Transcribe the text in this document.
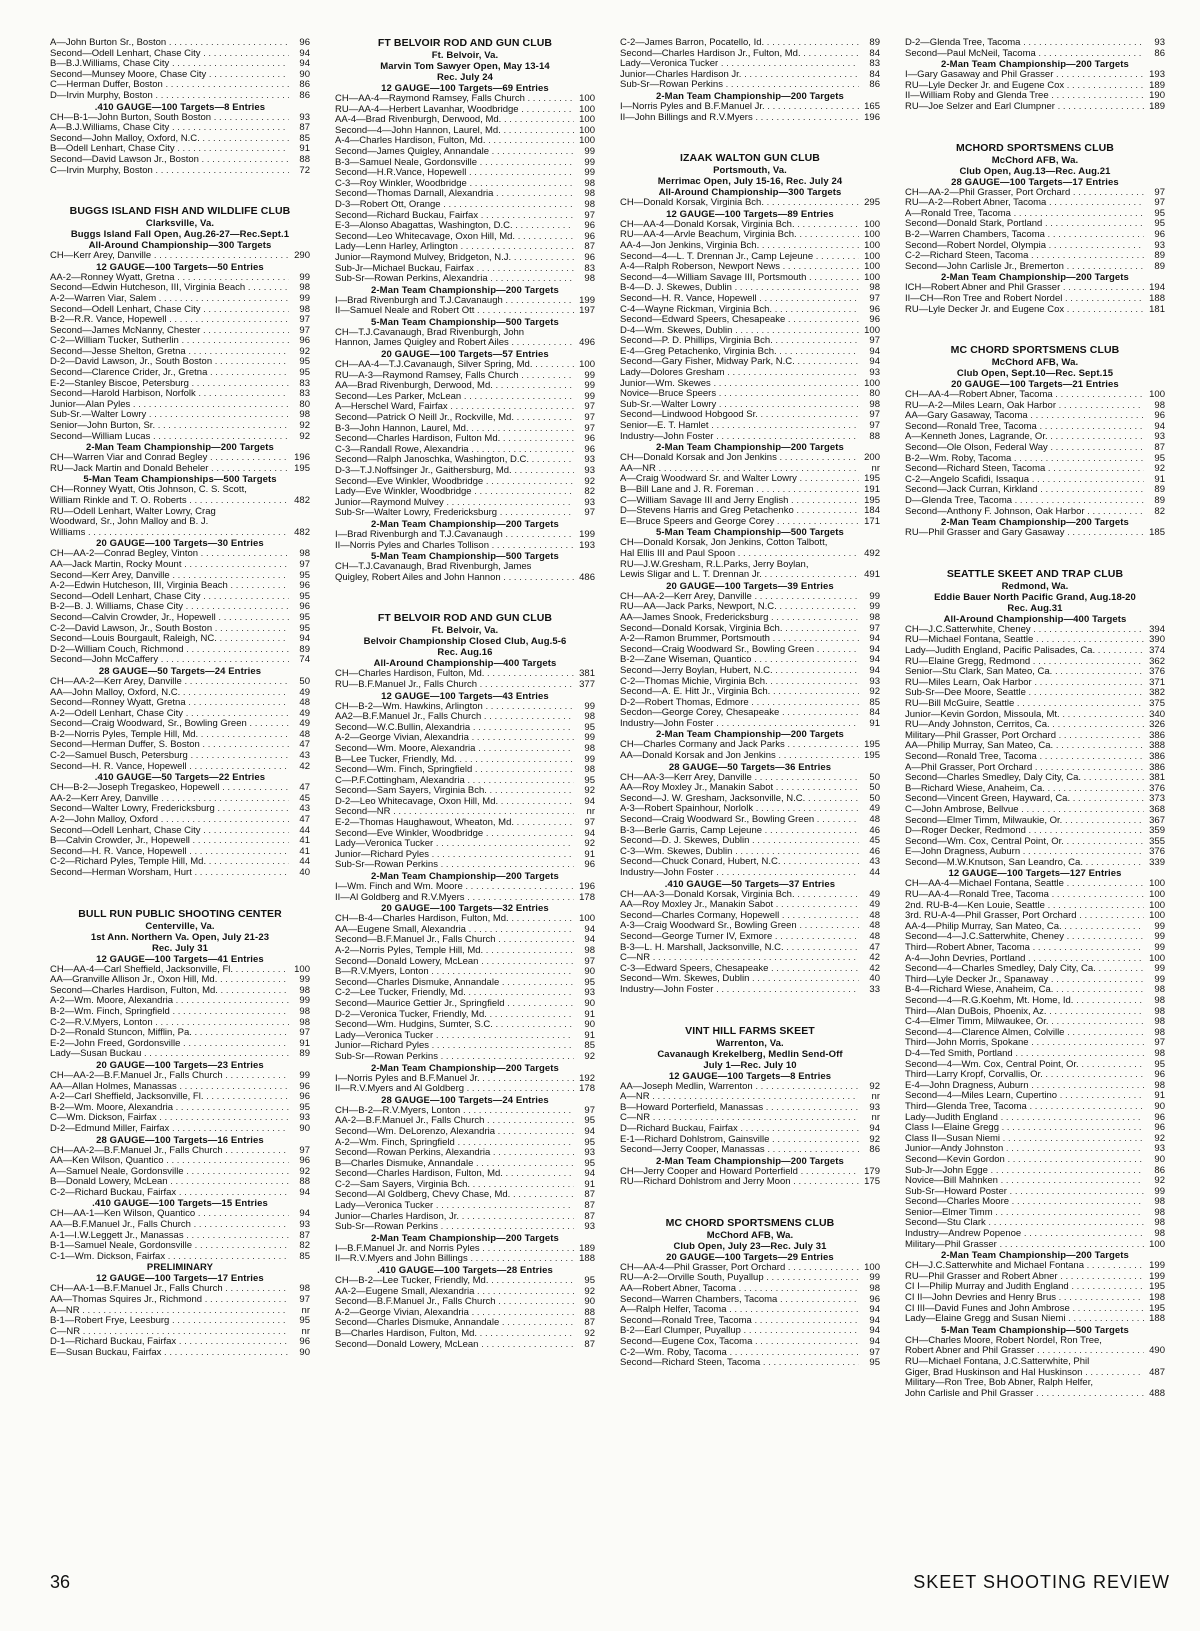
A—John Burton Sr., Boston . . .	96
Second—Odell Lenhart, Chase City . . .	94
B—B.J.Williams, Chase City . . .	94
Second—Munsey Moore, Chase City . . .	90
C—Herman Duffer, Boston . . .	86
D—Irvin Murphy, Boston . . .	86
.410 GAUGE—100 Targets—8 Entries
CH—B-1—John Burton, South Boston . . .	93
A—B.J.Williams, Chase City . . .	87
Second—John Malloy, Oxford, N.C. . . .	85
B—Odell Lenhart, Chase City . . .	91
Second—David Lawson Jr., Boston . . .	88
C—Irvin Murphy, Boston . . .	72
BUGGS ISLAND FISH AND WILDLIFE CLUB
Clarksville, Va.
Buggs Island Fall Open, Aug.26-27—Rec.Sept.1
All-Around Championship—300 Targets
CH—Kerr Arey, Danville . . .	290
12 GAUGE—100 Targets—50 Entries
AA-2—Ronney Wyatt, Gretna . . .	99
Second—Edwin Hutcheson, III, Virginia Beach . . .	98
A-2—Warren Viar, Salem . . .	99
Second—Odell Lenhart, Chase City . . .	98
B-2—R.R. Vance, Hopewell . . .	97
Second—James McNanny, Chester . . .	97
C-2—William Tucker, Sutherlin . . .	96
Second—Jesse Shelton, Gretna . . .	92
D-2—David Lawson, Jr., South Boston . . .	95
Second—Clarence Crider, Jr., Gretna . . .	95
E-2—Stanley Biscoe, Petersburg . . .	83
Second—Harold Harbison, Norfolk . . .	83
Junior—Alan Pyles . . .	80
Sub-Sr.—Walter Lowry . . .	98
Senior—John Burton, Sr. . . .	92
Second—William Lucas . . .	92
2-Man Team Championship—200 Targets
CH—Warren Viar and Conrad Begley . . .	196
RU—Jack Martin and Donald Beheler . . .	195
5-Man Team Championships—500 Targets
CH—Ronney Wyatt, Otis Johnson, C. S. Scott,
William Rinkle and T. O. Roberts . . .	482
RU—Odell Lenhart, Walter Lowry, Crag
Woodward, Sr., John Malloy and B. J.
Williams . . .	482
20 GAUGE—100 Targets—30 Entries
CH—AA-2—Conrad Begley, Vinton . . .	98
AA—Jack Martin, Rocky Mount . . .	97
Second—Kerr Arey, Danville . . .	95
A-2—Edwin Hutcheson, III, Virginia Beach . . .	96
Second—Odell Lenhart, Chase City . . .	95
B-2—B. J. Williams, Chase City . . .	96
Second—Calvin Crowder, Jr., Hopewell . . .	95
C-2—David Lawson, Jr., South Boston . . .	95
Second—Louis Bourgault, Raleigh, NC. . . .	94
D-2—William Couch, Richmond . . .	89
Second—John McCaffery . . .	74
28 GAUGE—50 Targets—24 Entries
CH—AA-2—Kerr Arey, Danville . . .	50
AA—John Malloy, Oxford, N.C. . . .	49
Second—Ronney Wyatt, Gretna . . .	48
A-2—Odell Lenhart, Chase City . . .	49
Second—Craig Woodward, Sr., Bowling Green . . .	49
B-2—Norris Pyles, Temple Hill, Md. . . .	48
Second—Herman Duffer, S. Boston . . .	47
C-2—Samuel Busch, Petersburg . . .	43
Second—H. R. Vance, Hopewell . . .	42
.410 GAUGE—50 Targets—22 Entries
CH—B-2—Joseph Tregaskeo, Hopewell . . .	47
AA-2—Kerr Arey, Danville . . .	45
Second—Walter Lowry, Fredericksburg . . .	43
A-2—John Malloy, Oxford . . .	47
Second—Odell Lenhart, Chase City . . .	44
B—Calvin Crowder, Jr., Hopewell . . .	41
Second—H. R. Vance, Hopewell . . .	41
C-2—Richard Pyles, Temple Hill, Md. . . .	44
Second—Herman Worsham, Hurt . . .	40
BULL RUN PUBLIC SHOOTING CENTER
Centerville, Va.
1st Ann. Northern Va. Open, July 21-23
Rec. July 31
12 GAUGE—100 Targets—41 Entries
CH—AA-4—Carl Sheffield, Jacksonville, Fl. . . .	100
AA—Granville Allison Jr., Oxon Hill, Md. . . .	99
Second—Charles Hardison, Fulton, Md. . . .	98
A-2—Wm. Moore, Alexandria . . .	99
B-2—Wm. Finch, Springfield . . .	98
C-2—R.V.Myers, Lonton . . .	98
D-2—Ronald Stuncon, Mifflin, Pa. . . .	97
E-2—John Freed, Gordonsville . . .	91
Lady—Susan Buckau . . .	89
20 GAUGE—100 Targets—23 Entries
CH—AA-2—B.F.Manuel Jr., Falls Church . . .	99
AA—Allan Holmes, Manassas . . .	96
A-2—Carl Sheffield, Jacksonville, Fl. . . .	96
B-2—Wm. Moore, Alexandria . . .	95
C—Wm. Dickson, Fairfax . . .	93
D-2—Edmund Miller, Fairfax . . .	90
28 GAUGE—100 Targets—16 Entries
CH—AA-2—B.F.Manuel Jr., Falls Church . . .	97
AA—Ken Wilson, Quantico . . .	96
A—Samuel Neale, Gordonsville . . .	92
B—Donald Lowery, McLean . . .	88
C-2—Richard Buckau, Fairfax . . .	94
.410 GAUGE—100 Targets—15 Entries
CH—AA-1—Ken Wilson, Quantico . . .	94
AA—B.F.Manuel Jr., Falls Church . . .	93
A-1—I.W.Leggett Jr., Manassas . . .	87
B-1—Samuel Neale, Gordonsville . . .	82
C-1—Wm. Dickson, Fairfax . . .	85
PRELIMINARY
12 GAUGE—100 Targets—17 Entries
CH—AA-1—B.F.Manuel Jr., Falls Church . . .	98
AA—Thomas Squires Jr., Richmond . . .	97
A—NR . . .	nr
B-1—Robert Frye, Leesburg . . .	95
C—NR . . .	nr
D-1—Richard Buckau, Fairfax . . .	96
E—Susan Buckau, Fairfax . . .	90
FT BELVOIR ROD AND GUN CLUB
Ft. Belvoir, Va.
Marvin Tom Sawyer Open, May 13-14
Rec. July 24
12 GAUGE—100 Targets—69 Entries
CH—AA-4—Raymond Ramsey, Falls Church . . .	100
RU—AA-4—Herbert Lavanhar, Woodbridge . . .	100
AA-4—Brad Rivenburgh, Derwood, Md. . . .	100
Second—4—John Hannon, Laurel, Md. . . .	100
A-4—Charles Hardison, Fulton, Md. . . .	100
Second—James Quigley, Annandale . . .	99
B-3—Samuel Neale, Gordonsville . . .	99
Second—H.R.Vance, Hopewell . . .	99
C-3—Roy Winkler, Woodbridge . . .	98
Second—Thomas Darnall, Alexandria . . .	98
D-3—Robert Ott, Orange . . .	98
Second—Richard Buckau, Fairfax . . .	97
E-3—Alonso Abagattas, Washington, D.C. . . .	96
Second—Leo Whitecavage, Oxon Hill, Md. . . .	96
Lady—Lenn Harley, Arlington . . .	87
Junior—Raymond Mulvey, Bridgeton, N.J. . . .	96
Sub-Jr—Michael Buckau, Fairfax . . .	83
Sub-Sr—Rowan Perkins, Alexandria . . .	98
2-Man Team Championship—200 Targets
I—Brad Rivenburgh and T.J.Cavanaugh . . .	199
II—Samuel Neale and Robert Ott . . .	197
5-Man Team Championship—500 Targets
CH—T.J.Cavanaugh, Brad Rivenburgh, John
Hannon, James Quigley and Robert Ailes . . .	496
20 GAUGE—100 Targets—57 Entries
CH—AA-4—T.J.Cavanaugh, Silver Spring, Md. . . .	100
RU—A-3—Raymond Ramsey, Falls Church . . .	99
AA—Brad Rivenburgh, Derwood, Md. . . .	99
Second—Les Parker, McLean . . .	99
A—Herschel Ward, Fairfax . . .	97
Second—Patrick O Neill Jr., Rockville, Md. . . .	97
B-3—John Hannon, Laurel, Md. . . .	97
Second—Charles Hardison, Fulton Md. . . .	96
C-3—Randall Rowe, Alexandria . . .	96
Second—Ralph Janoschka, Washington, D.C. . . .	93
D-3—T.J.Noffsinger Jr., Gaithersburg, Md. . . .	93
Second—Eve Winkler, Woodbridge . . .	92
Lady—Eve Winkler, Woodbridge . . .	82
Junior—Raymond Mulvey . . .	93
Sub-Sr—Walter Lowry, Fredericksburg . . .	97
2-Man Team Championship—200 Targets
I—Brad Rivenburgh and T.J.Cavanaugh . . .	199
II—Norris Pyles and Charles Tollison . . .	193
5-Man Team Championship—500 Targets
CH—T.J.Cavanaugh, Brad Rivenburgh, James
Quigley, Robert Ailes and John Hannon . . .	486
FT BELVOIR ROD AND GUN CLUB
Ft. Belvoir, Va.
Belvoir Championship Closed Club, Aug.5-6
Rec. Aug.16
All-Around Championship—400 Targets
CH—Charles Hardison, Fulton, Md. . . .	381
RU—B.F.Manuel Jr., Falls Church . . .	377
12 GAUGE—100 Targets—43 Entries
CH—B-2—Wm. Hawkins, Arlington . . .	99
AA2—B.F.Manuel Jr., Falls Church . . .	98
Second—W.C.Bullin, Alexandria . . .	95
A-2—George Vivian, Alexandria . . .	99
Second—Wm. Moore, Alexandria . . .	98
B—Lee Tucker, Friendly, Md. . . .	99
Second—Wm. Finch, Springfield . . .	98
C—P.F.Cottingham, Alexandria . . .	95
Second—Sam Sayers, Virginia Bch. . . .	92
D-2—Leo Whitecavage, Oxon Hill, Md. . . .	94
Second—NR . . .	nr
E-2—Thomas Haughawout, Wheaton, Md. . . .	97
Second—Eve Winkler, Woodbridge . . .	94
Lady—Veronica Tucker . . .	92
Junior—Richard Pyles . . .	91
Sub-Sr—Rowan Perkins . . .	96
2-Man Team Championship—200 Targets
I—Wm. Finch and Wm. Moore . . .	196
II—Al Goldberg and R.V.Myers . . .	178
20 GAUGE—100 Targets—32 Entries
CH—B-4—Charles Hardison, Fulton, Md. . . .	100
AA—Eugene Small, Alexandria . . .	94
Second—B.F.Manuel Jr., Falls Church . . .	94
A-2—Norris Pyles, Temple Hill, Md. . . .	98
Second—Donald Lowery, McLean . . .	97
B—R.V.Myers, Lonton . . .	90
Second—Charles Dismuke, Annandale . . .	95
C-2—Lee Tucker, Friendly, Md. . . .	93
Second—Maurice Gettier Jr., Springfield . . .	90
D-2—Veronica Tucker, Friendly, Md. . . .	91
Second—Wm. Hudgins, Sumter, S.C. . . .	90
Lady—Veronica Tucker . . .	91
Junior—Richard Pyles . . .	85
Sub-Sr—Rowan Perkins . . .	92
2-Man Team Championship—200 Targets
I—Norris Pyles and B.F.Manuel Jr. . . .	192
II—R.V.Myers and Al Goldberg . . .	178
28 GAUGE—100 Targets—24 Entries
CH—B-2—R.V.Myers, Lonton . . .	97
AA-2—B.F.Manuel Jr., Falls Church . . .	95
Second—Wm. DeLorenzo, Alexandria . . .	94
A-2—Wm. Finch, Springfield . . .	95
Second—Rowan Perkins, Alexandria . . .	93
B—Charles Dismuke, Annandale . . .	95
Second—Charles Hardison, Fulton, Md. . . .	94
C-2—Sam Sayers, Virginia Bch. . . .	91
Second—Al Goldberg, Chevy Chase, Md. . . .	87
Lady—Veronica Tucker . . .	87
Junior—Charles Hardison, Jr. . . .	87
Sub-Sr—Rowan Perkins . . .	93
2-Man Team Championship—200 Targets
I—B.F.Manuel Jr. and Norris Pyles . . .	189
II—R.V.Myers and John Billings . . .	188
.410 GAUGE—100 Targets—28 Entries
CH—B-2—Lee Tucker, Friendly, Md. . . .	95
AA-2—Eugene Small, Alexandria . . .	92
Second—B.F.Manuel Jr., Falls Church . . .	90
A-2—George Vivian, Alexandria . . .	88
Second—Charles Dismuke, Annandale . . .	87
B—Charles Hardison, Fulton, Md. . . .	92
Second—Donald Lowery, McLean . . .	87
C-2—James Barron, Pocatello, Id. . . .	89
Second—Charles Hardison Jr., Fulton, Md. . . .	84
Lady—Veronica Tucker . . .	83
Junior—Charles Hardison Jr. . . .	84
Sub-Sr—Rowan Perkins . . .	86
2-Man Team Championship—200 Targets
I—Norris Pyles and B.F.Manuel Jr. . . .	165
II—John Billings and R.V.Myers . . .	196
IZAAK WALTON GUN CLUB
Portsmouth, Va.
Merrimac Open, July 15-16, Rec. July 24
All-Around Championship—300 Targets
CH—Donald Korsak, Virginia Bch. . . .	295
12 GAUGE—100 Targets—89 Entries
CH—AA-4—Donald Korsak, Virginia Bch. . . .	100
RU—AA-4—Arvle Beachum, Virginia Bch. . . .	100
AA-4—Jon Jenkins, Virginia Bch. . . .	100
Second—4—L. T. Drennan Jr., Camp Lejeune . . .	100
A-4—Ralph Roberson, Newport News . . .	100
Second—4—William Savage III, Portsmouth . . .	100
B-4—D. J. Skewes, Dublin . . .	98
Second—H. R. Vance, Hopewell . . .	97
C-4—Wayne Rickman, Virginia Bch. . . .	96
Second—Edward Speers, Chesapeake . . .	96
D-4—Wm. Skewes, Dublin . . .	100
Second—P. D. Phillips, Virginia Bch. . . .	97
E-4—Greg Petachenko, Virginia Bch. . . .	94
Second—Gary Fisher, Midway Park, N.C. . . .	94
Lady—Dolores Gresham . . .	93
Junior—Wm. Skewes . . .	100
Novice—Bruce Speers . . .	80
Sub-Sr.—Walter Lowry . . .	98
Second—Lindwood Hobgood Sr. . . .	97
Senior—E. T. Hamlet . . .	97
Industry—John Foster . . .	88
2-Man Team Championship—200 Targets
CH—Donald Korsak and Jon Jenkins . . .	200
AA—NR . . .	nr
A—Craig Woodward Sr. and Walter Lowry . . .	195
B—Bill Lane and J. R. Foreman . . .	191
C—William Savage III and Jerry English . . .	195
D—Stevens Harris and Greg Petachenko . . .	184
E—Bruce Speers and George Corey . . .	171
5-Man Team Championship—500 Targets
CH—Donald Korsak, Jon Jenkins, Cotton Talbott,
Hal Ellis III and Paul Spoon . . .	492
RU—J.W.Gresham, R.L.Parks, Jerry Boylan,
Lewis Sligar and L. T. Drennan Jr. . . .	491
20 GAUGE—100 Targets—39 Entries
CH—AA-2—Kerr Arey, Danville . . .	99
RU—AA—Jack Parks, Newport, N.C. . . .	99
AA—James Snook, Fredericksburg . . .	98
Second—Donald Korsak, Virginia Bch. . . .	97
A-2—Ramon Brummer, Portsmouth . . .	94
Second—Craig Woodward Sr., Bowling Green . . .	94
B-2—Zane Wiseman, Quantico . . .	94
Second—Jerry Boylan, Hubert, N.C. . . .	94
C-2—Thomas Michie, Virginia Bch. . . .	93
Second—A. E. Hitt Jr., Virginia Bch. . . .	92
D-2—Robert Thomas, Edmore . . .	85
Secdon—George Corey, Chesapeake . . .	84
Industry—John Foster . . .	91
2-Man Team Championship—200 Targets
CH—Charles Cormany and Jack Parks . . .	195
AA—Donald Korsak and Jon Jenkins . . .	195
28 GAUGE—50 Targets—36 Entries
CH—AA-3—Kerr Arey, Danville . . .	50
AA—Roy Moxley Jr., Manakin Sabot . . .	50
Second—J. W. Gresham, Jacksonville, N.C. . . .	50
A-3—Robert Spainhour, Norlolk . . .	49
Second—Craig Woodward Sr., Bowling Green . . .	48
B-3—Berle Garris, Camp Lejeune . . .	46
Second—D. J. Skewes, Dublin . . .	45
C-3—Wm. Skewes, Dublin . . .	46
Second—Chuck Conard, Hubert, N.C. . . .	43
Industry—John Foster . . .	44
.410 GAUGE—50 Targets—37 Entries
CH—AA-3—Donald Korsak, Virginia Bch. . . .	49
AA—Roy Moxley Jr., Manakin Sabot . . .	49
Second—Charles Cormany, Hopewell . . .	48
A-3—Craig Woodward Sr., Bowling Green . . .	48
Second—George Turner IV, Exmore . . .	48
B-3—L. H. Marshall, Jacksonville, N.C. . . .	47
C—NR . . .	42
C-3—Edward Speers, Chesapeake . . .	42
Second—Wm. Skewes, Dublin . . .	40
Industry—John Foster . . .	33
VINT HILL FARMS SKEET
Warrenton, Va.
Cavanaugh Krekelberg, Medlin Send-Off
July 1—Rec. July 10
12 GAUGE—100 Targets—8 Entries
AA—Joseph Medlin, Warrenton . . .	92
A—NR . . .	nr
B—Howard Porterfield, Manassas . . .	93
C—NR . . .	nr
D—Richard Buckau, Fairfax . . .	94
E-1—Richard Dohlstrom, Gainsville . . .	92
Second—Jerry Cooper, Manassas . . .	86
2-Man Team Championship—200 Targets
CH—Jerry Cooper and Howard Porterfield . . .	179
RU—Richard Dohlstrom and Jerry Moon . . .	175
MC CHORD SPORTSMENS CLUB
McChord AFB, Wa.
Club Open, July 23—Rec. July 31
20 GAUGE—100 Targets—29 Entries
CH—AA-4—Phil Grasser, Port Orchard . . .	100
RU—A-2—Orville South, Puyallup . . .	99
AA—Robert Abner, Tacoma . . .	98
Second—Warren Chambers, Tacoma . . .	96
A—Ralph Helfer, Tacoma . . .	94
Second—Ronald Tree, Tacoma . . .	94
B-2—Earl Clumper, Puyallup . . .	94
Second—Eugene Cox, Tacoma . . .	94
C-2—Wm. Roby, Tacoma . . .	97
Second—Richard Steen, Tacoma . . .	95
D-2—Glenda Tree, Tacoma . . .	93
Second—Paul McNeil, Tacoma . . .	86
2-Man Team Championship—200 Targets
I—Gary Gasaway and Phil Grasser . . .	193
RU—Lyle Decker Jr. and Eugene Cox . . .	189
II—William Roby and Glenda Tree . . .	190
RU—Joe Selzer and Earl Clumpner . . .	189
MCHORD SPORTSMENS CLUB
McChord AFB, Wa.
Club Open, Aug.13—Rec. Aug.21
28 GAUGE—100 Targets—17 Entries
CH—AA-2—Phil Grasser, Port Orchard . . .	97
RU—A-2—Robert Abner, Tacoma . . .	97
A—Ronald Tree, Tacoma . . .	95
Second—Donald Stark, Portland . . .	95
B-2—Warren Chambers, Tacoma . . .	96
Second—Robert Nordel, Olympia . . .	93
C-2—Richard Steen, Tacoma . . .	89
Second—John Carlisle Jr., Bremerton . . .	89
2-Man Team Championship—200 Targets
ICH—Robert Abner and Phil Grasser . . .	194
II—CH—Ron Tree and Robert Nordel . . .	188
RU—Lyle Decker Jr. and Eugene Cox . . .	181
MC CHORD SPORTSMENS CLUB
McChord AFB, Wa.
Club Open, Sept.10—Rec. Sept.15
20 GAUGE—100 Targets—21 Entries
CH—AA-4—Robert Abner, Tacoma . . .	100
RU—A-2—Miles Learn, Oak Harbor . . .	98
AA—Gary Gasaway, Tacoma . . .	96
Second—Ronald Tree, Tacoma . . .	94
A—Kenneth Jones, Lagrande, Or. . . .	93
Second—Ole Olson, Federal Way . . .	87
B-2—Wm. Roby, Tacoma . . .	95
Second—Richard Steen, Tacoma . . .	92
C-2—Angelo Scafidi, Issaqua . . .	91
Second—Jack Curran, Kirkland . . .	89
D—Glenda Tree, Tacoma . . .	89
Second—Anthony F. Johnson, Oak Harbor . . .	82
2-Man Team Championship—200 Targets
RU—Phil Grasser and Gary Gasaway . . .	185
SEATTLE SKEET AND TRAP CLUB
Redmond, Wa.
Eddie Bauer North Pacific Grand, Aug.18-20
Rec. Aug.31
All-Around Championship—400 Targets
CH—J.C.Satterwhite, Cheney . . .	394
RU—Michael Fontana, Seattle . . .	390
Lady—Judith England, Pacific Palisades, Ca. . . .	374
RU—Elaine Gregg, Redmond . . .	362
Senior—Stu Clark, San Mateo, Ca. . . .	376
RU—Miles Learn, Oak Harbor . . .	371
Sub-Sr—Dee Moore, Seattle . . .	382
RU—Bill McGuire, Seattle . . .	375
Junior—Kevin Gordon, Missoula, Mt. . . .	340
RU—Andy Johnston, Cerritos, Ca. . . .	326
Military—Phil Grasser, Port Orchard . . .	386
AA—Philip Murray, San Mateo, Ca. . . .	388
Second—Ronald Tree, Tacoma . . .	386
A—Phil Grasser, Port Orchard . . .	386
Second—Charles Smedley, Daly City, Ca. . . .	381
B—Richard Wiese, Anaheim, Ca. . . .	376
Second—Vincent Green, Hayward, Ca. . . .	373
C—John Ambrose, Bellvue . . .	368
Second—Elmer Timm, Milwaukie, Or. . . .	367
D—Roger Decker, Redmond . . .	359
Second—Wm. Cox, Central Point, Or. . . .	355
E—John Dragness, Auburn . . .	376
Second—M.W.Knutson, San Leandro, Ca. . . .	339
12 GAUGE—100 Targets—127 Entries
CH—AA-4—Michael Fontana, Seattle . . .	100
RU—AA-4—Ronald Tree, Tacoma . . .	100
2nd. RU-B-4—Ken Louie, Seattle . . .	100
3rd. RU-A-4—Phil Grasser, Port Orchard . . .	100
AA-4—Philip Murray, San Mateo, Ca. . . .	99
Second—4—J.C.Satterwhite, Cheney . . .	99
Third—Robert Abner, Tacoma . . .	99
A-4—John Devries, Portland . . .	100
Second—4—Charles Smedley, Daly City, Ca. . . .	99
Third—Lyle Decker Jr., Spanaway . . .	99
B-4—Richard Wiese, Anaheim, Ca. . . .	98
Second—4—R.G.Koehm, Mt. Home, Id. . . .	98
Third—Alan DuBois, Phoenix, Az. . . .	98
C-4—Elmer Timm, Milwaukee, Or. . . .	98
Second—4—Clarence Almen, Colville . . .	98
Third—John Morris, Spokane . . .	97
D-4—Ted Smith, Portland . . .	98
Second—4—Wm. Cox, Central Point, Or. . . .	95
Third—Larry Kropf, Corvallis, Or. . . .	96
E-4—John Dragness, Auburn . . .	98
Second—4—Miles Learn, Cupertino . . .	91
Third—Glenda Tree, Tacoma . . .	90
Lady—Judith England . . .	96
Class I—Elaine Gregg . . .	96
Class II—Susan Niemi . . .	92
Junior—Andy Johnston . . .	93
Second—Kevin Gordon . . .	90
Sub-Jr—John Egge . . .	86
Novice—Bill Mahnken . . .	92
Sub-Sr—Howard Poster . . .	99
Second—Charles Moore . . .	98
Senior—Elmer Timm . . .	98
Second—Stu Clark . . .	98
Industry—Andrew Popenoe . . .	98
Military—Phil Grasser . . .	100
2-Man Team Championship—200 Targets
CH—J.C.Satterwhite and Michael Fontana . . .	199
RU—Phil Grasser and Robert Abner . . .	199
CI I—Philip Murray and Judith England . . .	195
CI II—John Devries and Henry Brus . . .	198
CI III—David Funes and John Ambrose . . .	195
Lady—Elaine Gregg and Susan Niemi . . .	188
5-Man Team Championship—500 Targets
CH—Charles Moore, Robert Nordel, Ron Tree,
Robert Abner and Phil Grasser . . .	490
RU—Michael Fontana, J.C.Satterwhite, Phil
Giger, Brad Huskinson and Hal Huskinson . . .	487
Military—Ron Tree, Bob Abner, Ralph Helfer,
John Carlisle and Phil Grasser . . .	488
36	SKEET SHOOTING REVIEW
